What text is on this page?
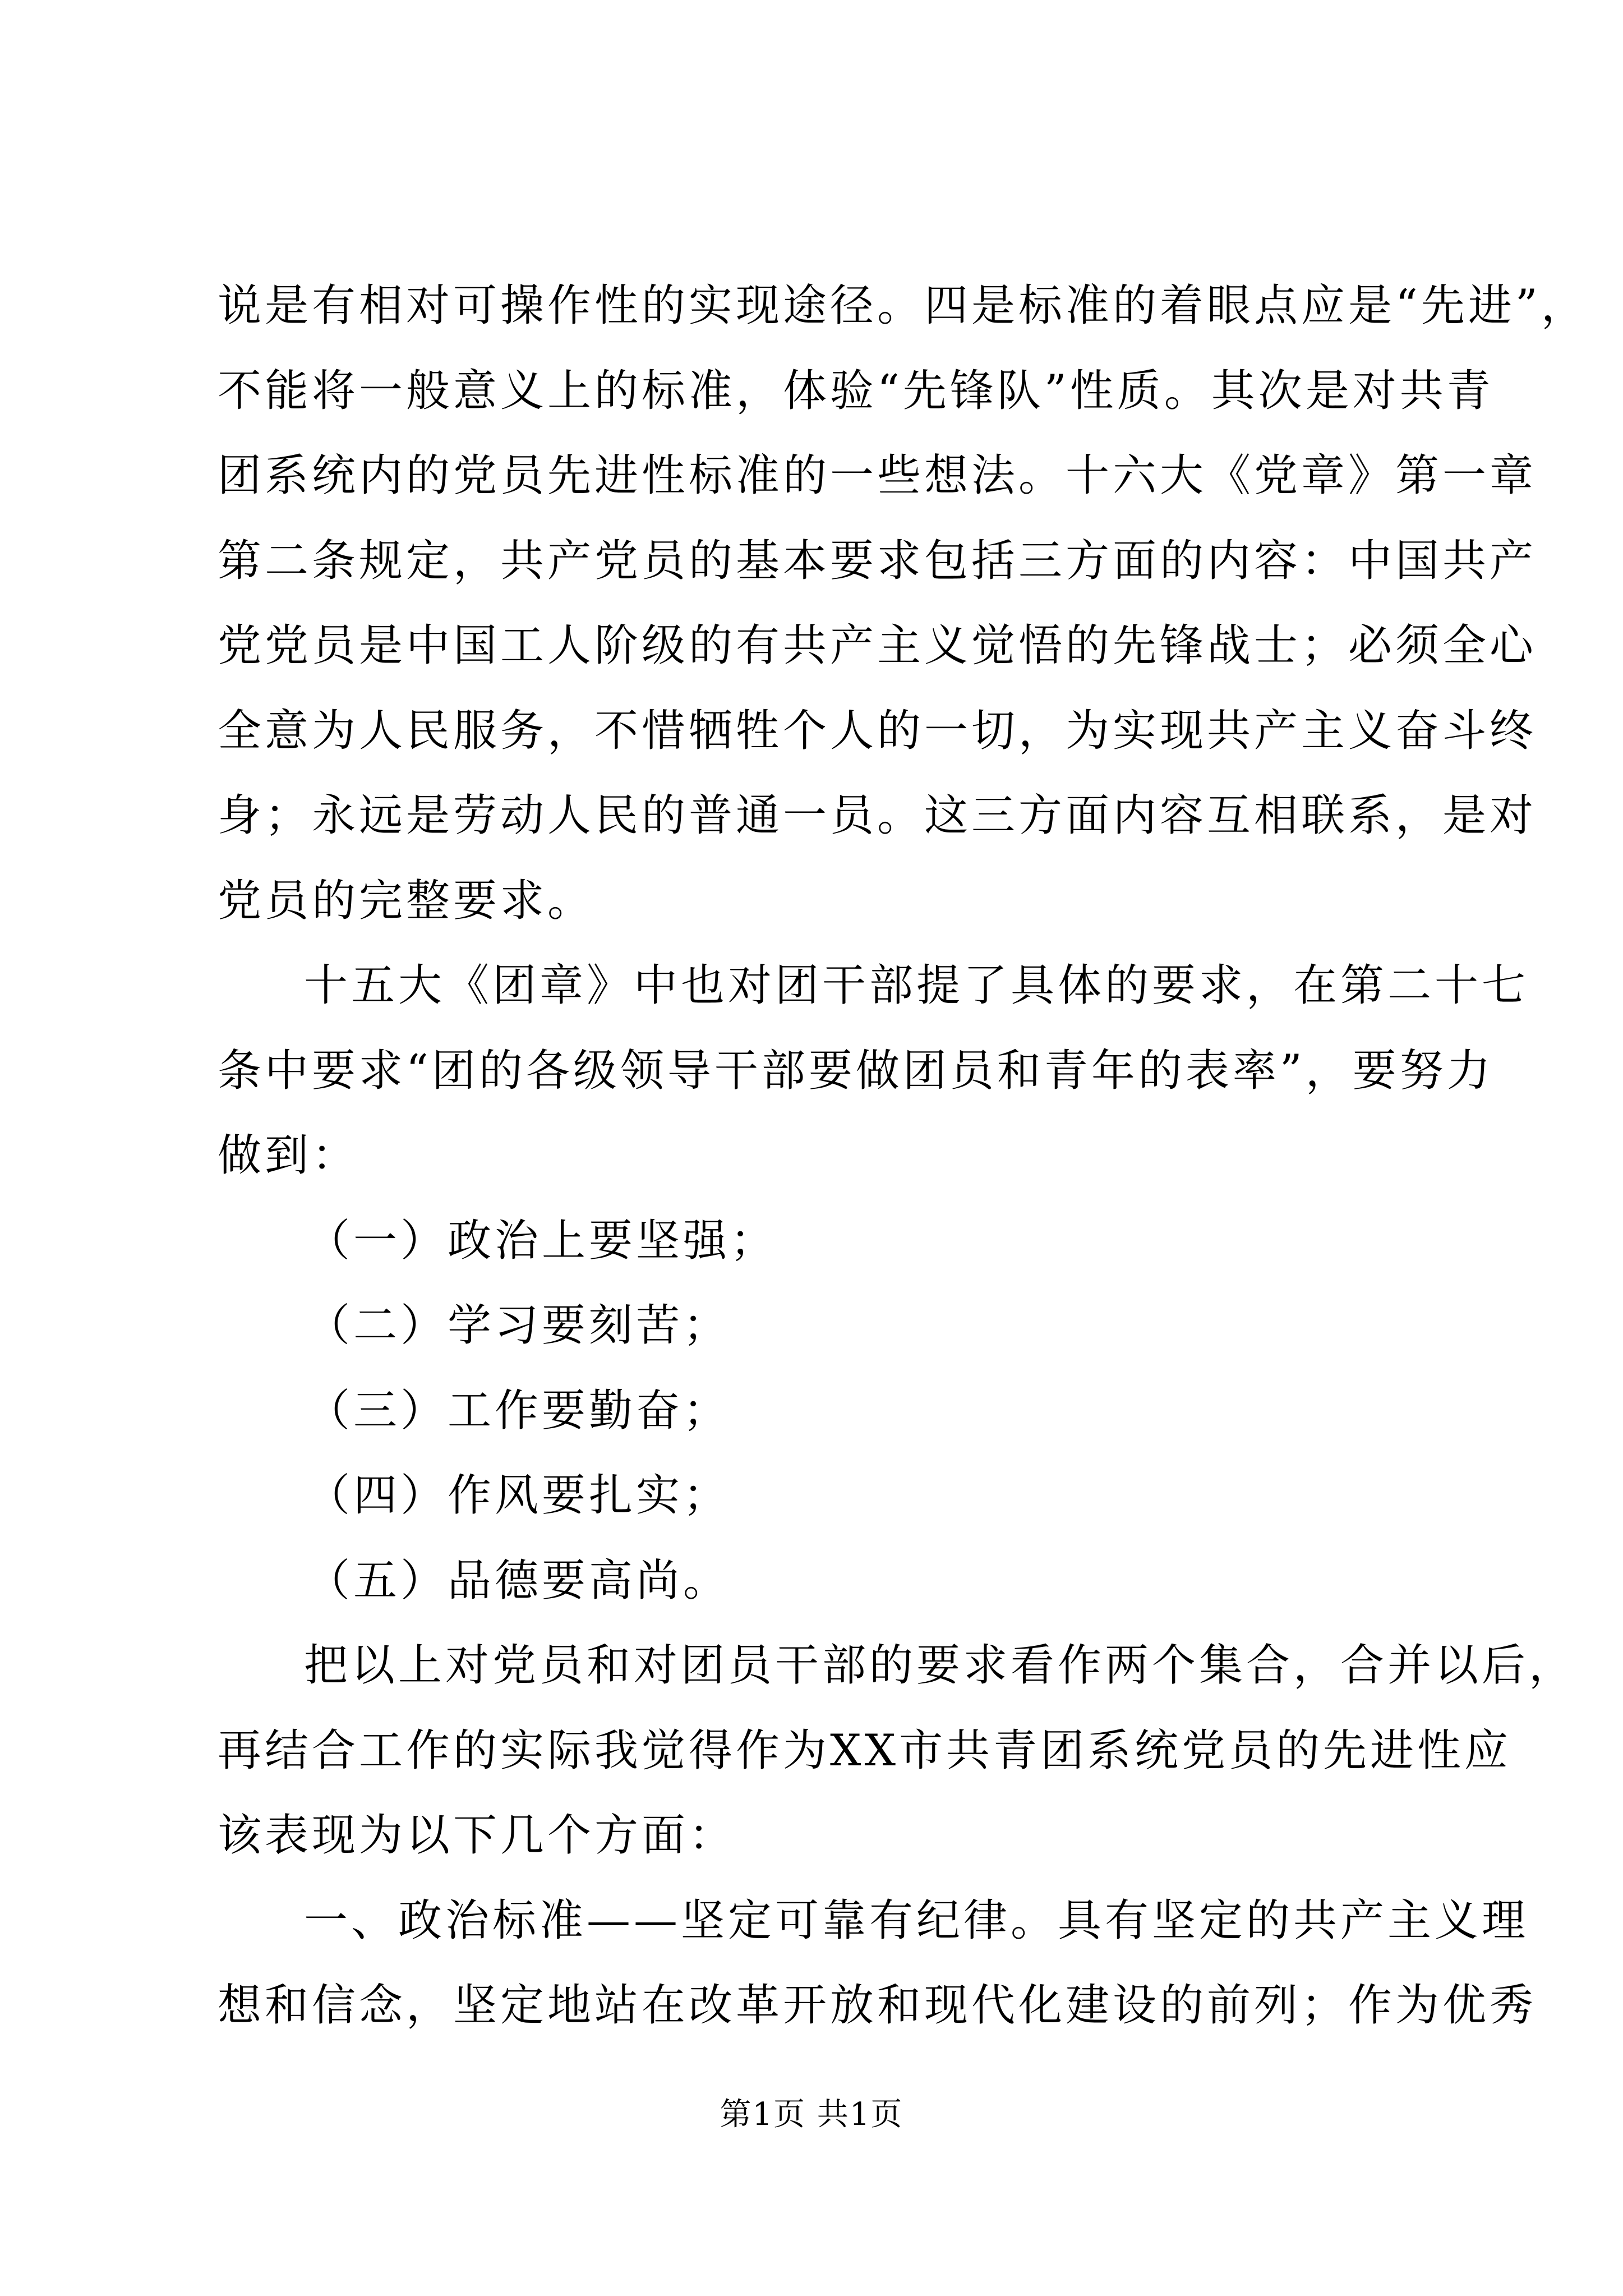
说是有相对可操作性的实现途径。四是标准的着眼点应是“先进”，
不能将一般意义上的标准，体验“先锋队”性质。其次是对共青
团系统内的党员先进性标准的一些想法。十六大《党章》第一章
第二条规定，共产党员的基本要求包括三方面的内容：中国共产
党党员是中国工人阶级的有共产主义觉悟的先锋战士；必须全心
全意为人民服务，不惜牺牲个人的一切，为实现共产主义奋斗终
身；永远是劳动人民的普通一员。这三方面内容互相联系，是对
党员的完整要求。
十五大《团章》中也对团干部提了具体的要求，在第二十七
条中要求“团的各级领导干部要做团员和青年的表率”，要努力
做到：
（一）政治上要坚强；
（二）学习要刻苦；
（三）工作要勤奋；
（四）作风要扎实；
（五）品德要高尚。
把以上对党员和对团员干部的要求看作两个集合，合并以后，
再结合工作的实际我觉得作为XX市共青团系统党员的先进性应
该表现为以下几个方面：
一、政治标准——坚定可靠有纪律。具有坚定的共产主义理
想和信念，坚定地站在改革开放和现代化建设的前列；作为优秀
第1页 共1页
